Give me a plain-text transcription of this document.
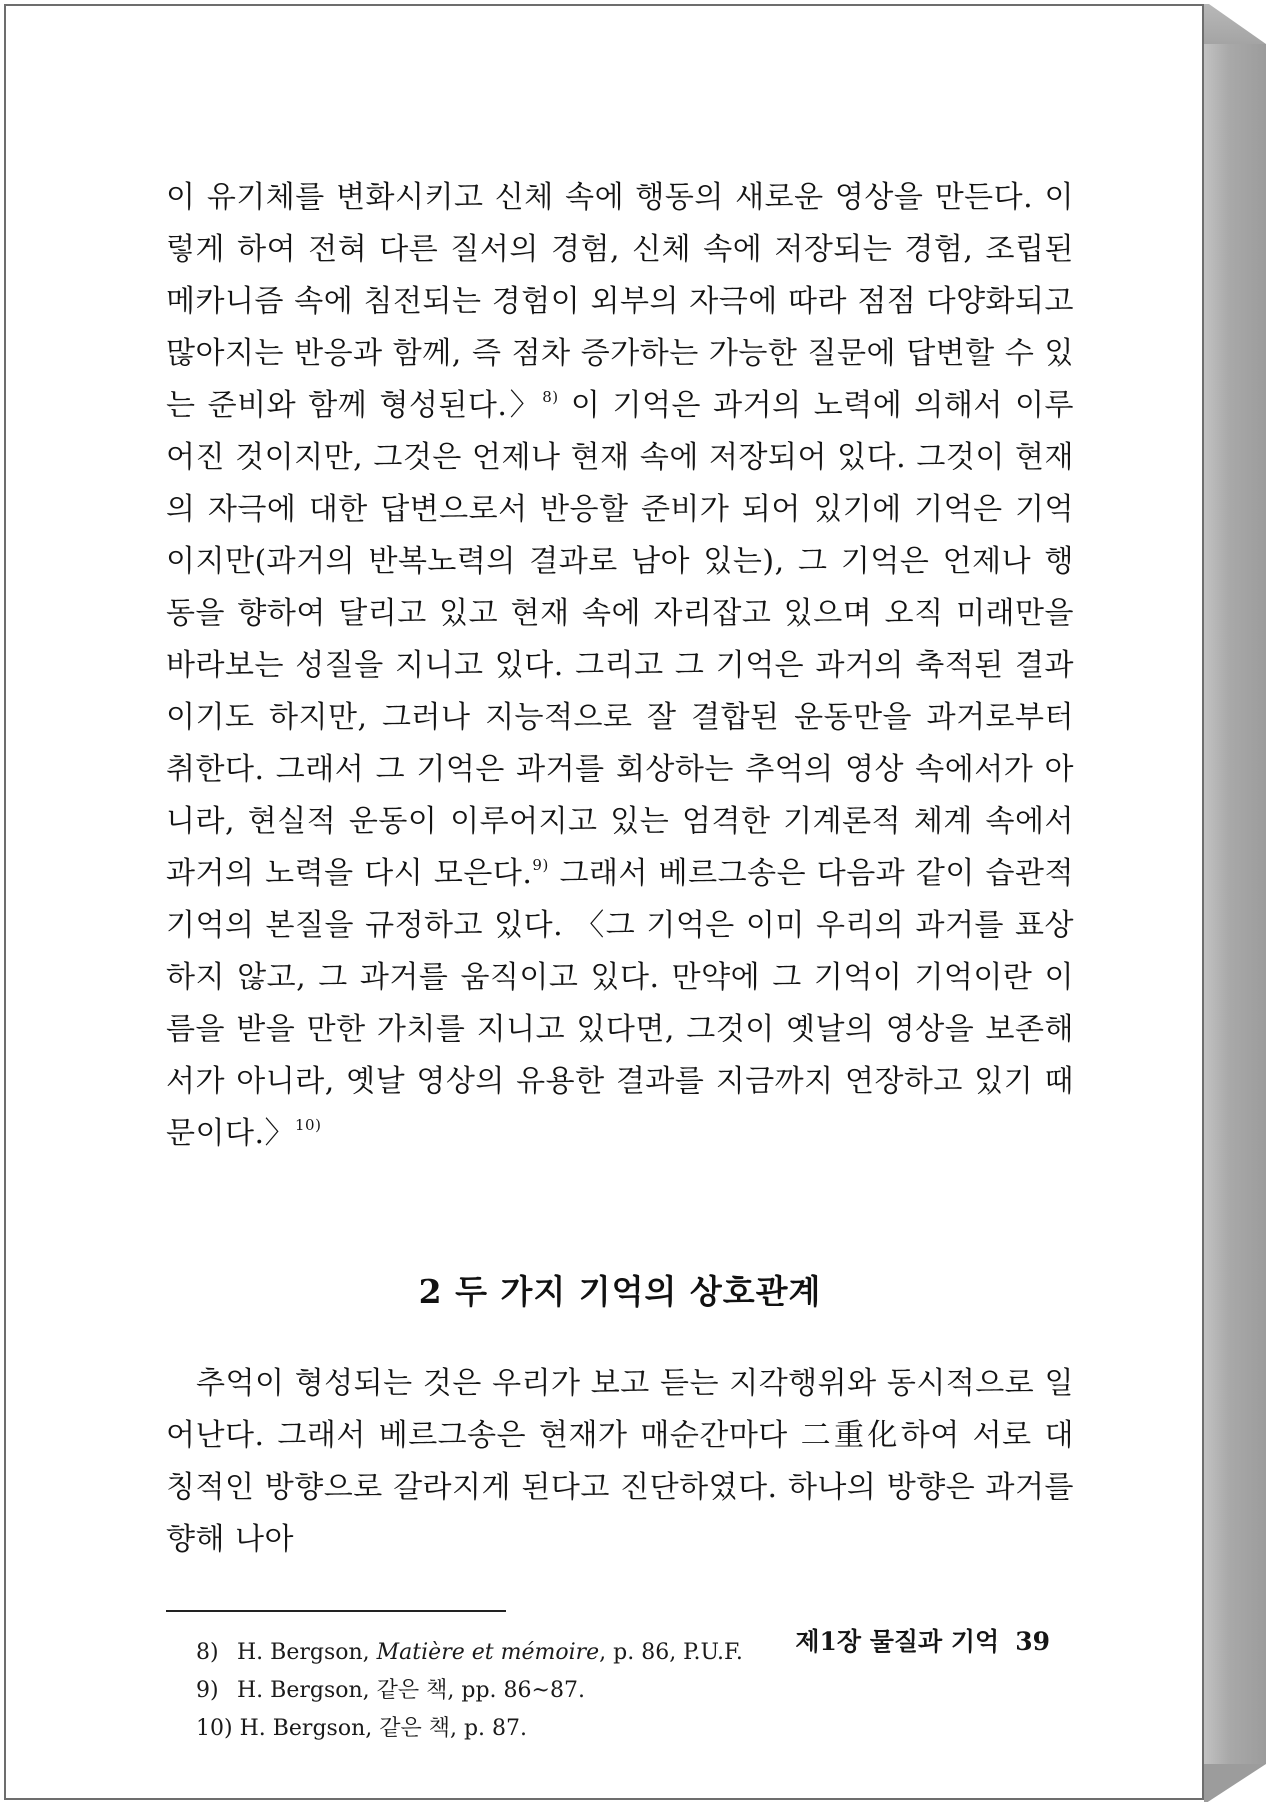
이 유기체를 변화시키고 신체 속에 행동의 새로운 영상을 만든다. 이렇게 하여 전혀 다른 질서의 경험, 신체 속에 저장되는 경험, 조립된 메카니즘 속에 침전되는 경험이 외부의 자극에 따라 점점 다양화되고 많아지는 반응과 함께, 즉 점차 증가하는 가능한 질문에 답변할 수 있는 준비와 함께 형성된다.〉$^{8)}$ 이 기억은 과거의 노력에 의해서 이루어진 것이지만, 그것은 언제나 현재 속에 저장되어 있다. 그것이 현재의 자극에 대한 답변으로서 반응할 준비가 되어 있기에 기억은 기억이지만(과거의 반복노력의 결과로 남아 있는), 그 기억은 언제나 행동을 향하여 달리고 있고 현재 속에 자리잡고 있으며 오직 미래만을 바라보는 성질을 지니고 있다. 그리고 그 기억은 과거의 축적된 결과이기도 하지만, 그러나 지능적으로 잘 결합된 운동만을 과거로부터 취한다. 그래서 그 기억은 과거를 회상하는 추억의 영상 속에서가 아니라, 현실적 운동이 이루어지고 있는 엄격한 기계론적 체계 속에서 과거의 노력을 다시 모은다.$^{9)}$ 그래서 베르그송은 다음과 같이 습관적 기억의 본질을 규정하고 있다. 〈그 기억은 이미 우리의 과거를 표상하지 않고, 그 과거를 움직이고 있다. 만약에 그 기억이 기억이란 이름을 받을 만한 가치를 지니고 있다면, 그것이 옛날의 영상을 보존해서가 아니라, 옛날 영상의 유용한 결과를 지금까지 연장하고 있기 때문이다.〉$^{10)}$

2 두 가지 기억의 상호관계

추억이 형성되는 것은 우리가 보고 듣는 지각행위와 동시적으로 일어난다. 그래서 베르그송은 현재가 매순간마다 二重化하여 서로 대칭적인 방향으로 갈라지게 된다고 진단하였다. 하나의 방향은 과거를 향해 나아

8) H. Bergson, Matière et mémoire, p. 86, P.U.F.
9) H. Bergson, 같은 책, pp. 86~87.
10) H. Bergson, 같은 책, p. 87.
제1장 물질과 기억 39
